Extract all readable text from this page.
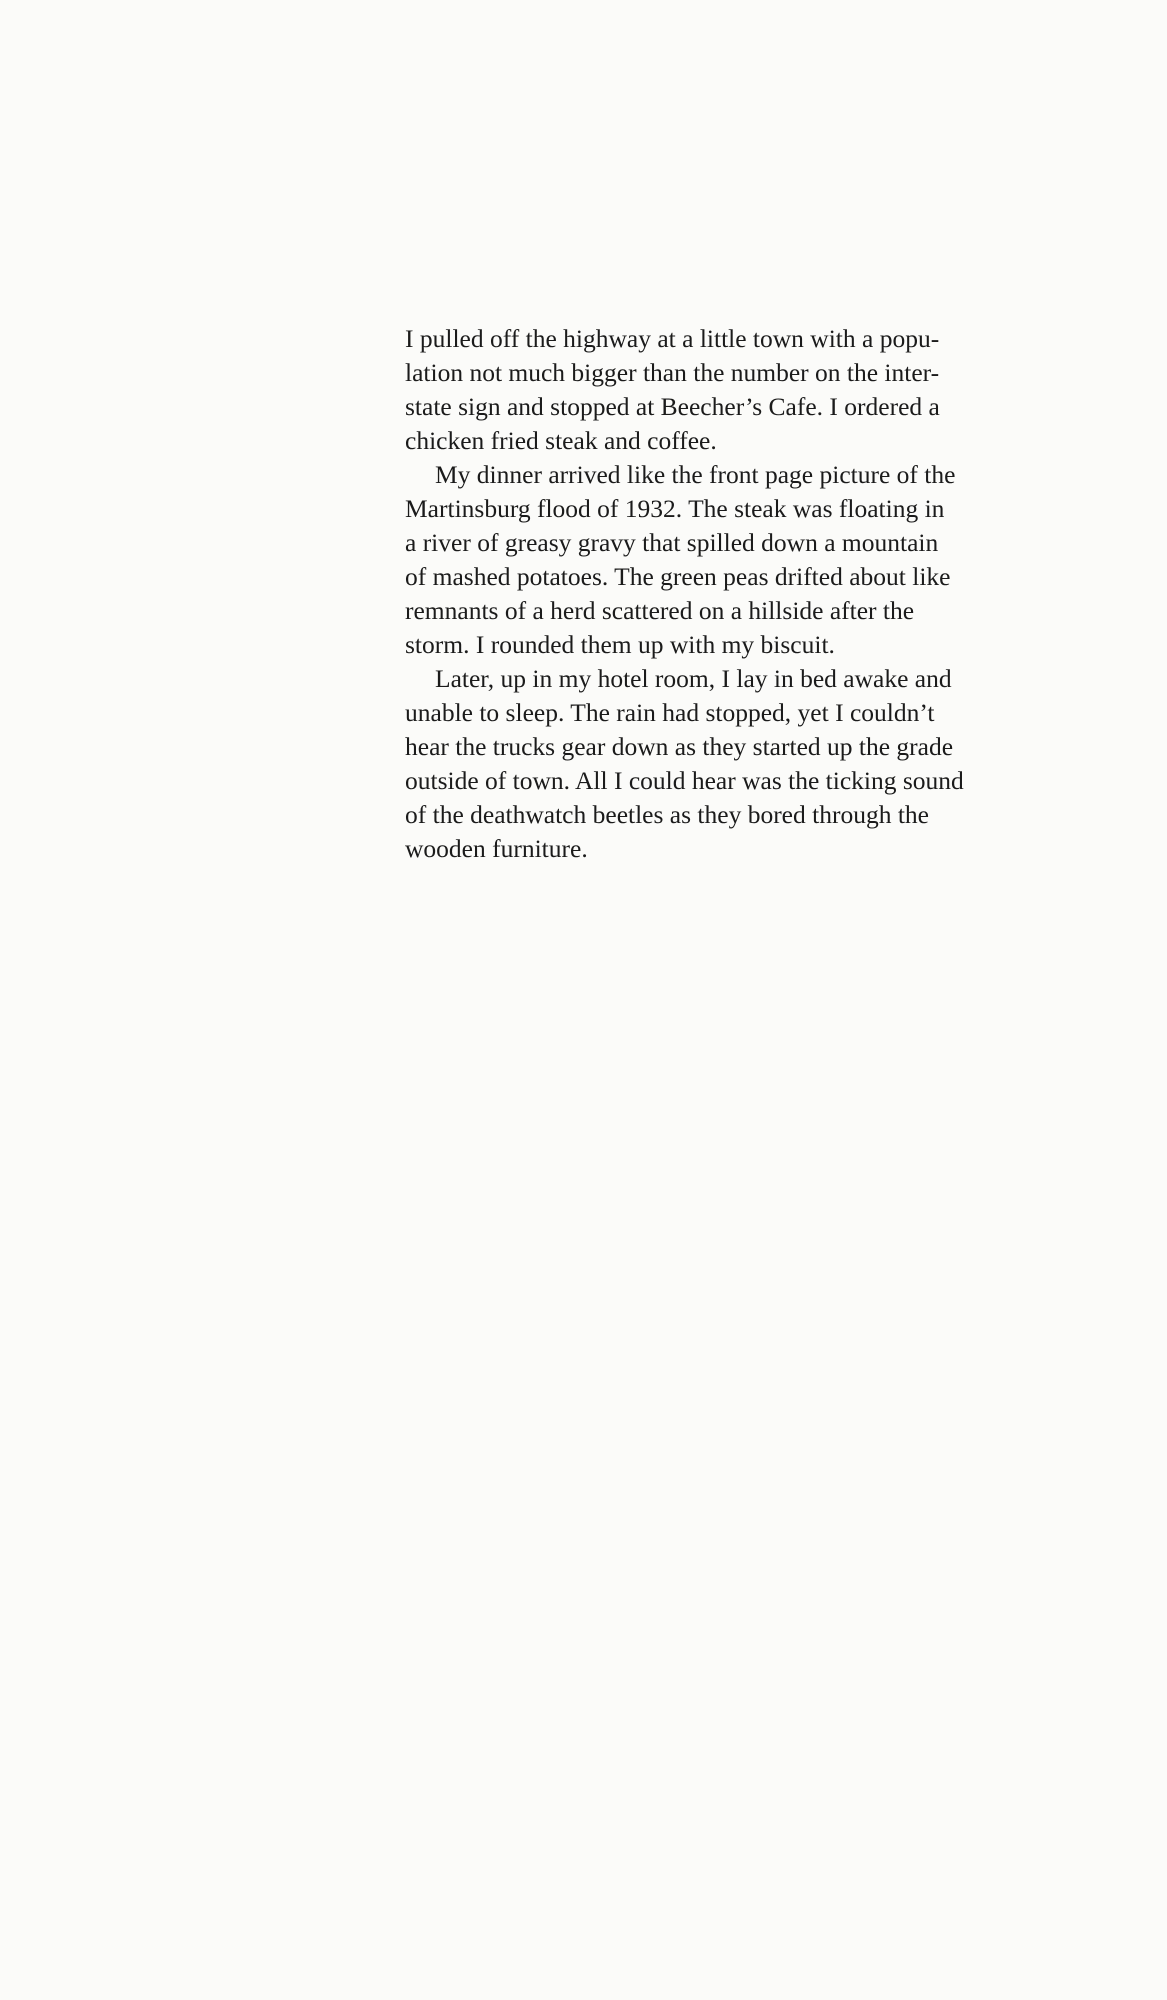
I pulled off the highway at a little town with a popu-
lation not much bigger than the number on the inter-
state sign and stopped at Beecher’s Cafe. I ordered a
chicken fried steak and coffee.
My dinner arrived like the front page picture of the
Martinsburg flood of 1932. The steak was floating in
a river of greasy gravy that spilled down a mountain
of mashed potatoes. The green peas drifted about like
remnants of a herd scattered on a hillside after the
storm. I rounded them up with my biscuit.
Later, up in my hotel room, I lay in bed awake and
unable to sleep. The rain had stopped, yet I couldn’t
hear the trucks gear down as they started up the grade
outside of town. All I could hear was the ticking sound
of the deathwatch beetles as they bored through the
wooden furniture.
